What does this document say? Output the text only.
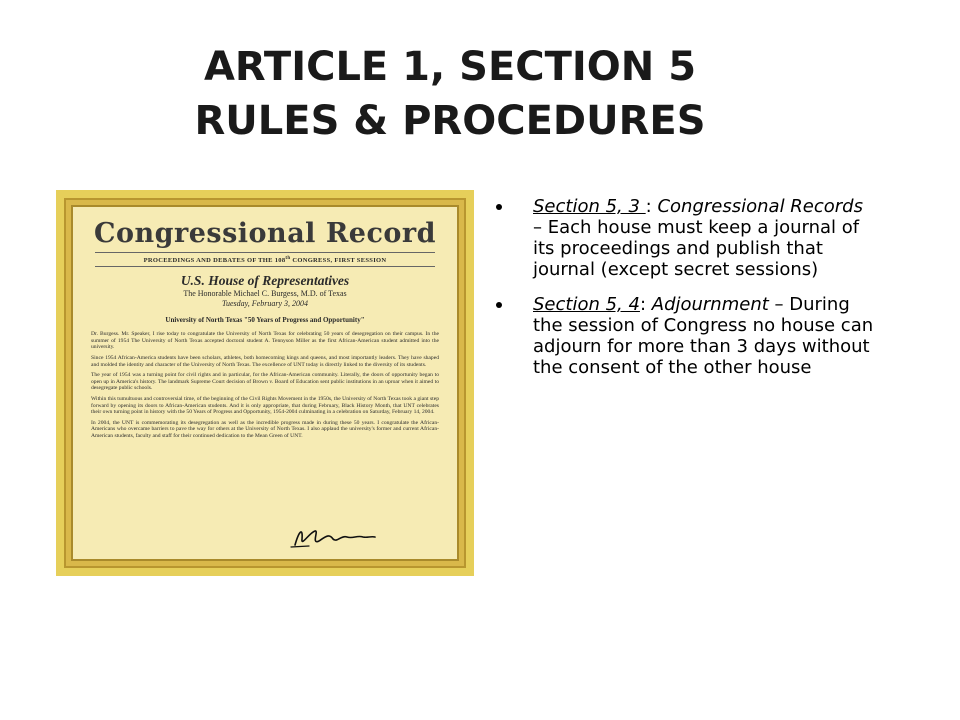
ARTICLE 1, SECTION 5
RULES & PROCEDURES
Congressional Record
PROCEEDINGS AND DEBATES OF THE 108th CONGRESS, FIRST SESSION
U.S. House of Representatives
The Honorable Michael C. Burgess, M.D. of Texas
Tuesday, February 3, 2004
University of North Texas "50 Years of Progress and Opportunity"

Dr. Burgess. Mr. Speaker, I rise today to congratulate the University of North Texas for celebrating 50 years of desegregation on their campus. In the summer of 1954 The University of North Texas accepted doctoral student A. Tennyson Miller as the first African-American student admitted into the university.

Since 1954 African-America students have been scholars, athletes, both homecoming kings and queens, and most importantly leaders. They have shaped and molded the identity and character of the University of North Texas. The excellence of UNT today is directly linked to the diversity of its students.

The year of 1954 was a turning point for civil rights and in particular, for the African-American community. Literally, the doors of opportunity began to open up in America's history. The landmark Supreme Court decision of Brown v. Board of Education sent public institutions in an uproar when it aimed to desegregate public schools.

Within this tumultuous and controversial time, of the beginning of the Civil Rights Movement in the 1950s, the University of North Texas took a giant step forward by opening its doors to African-American students. And it is only appropriate, that during February, Black History Month, that UNT celebrates their own turning point in history with the 50 Years of Progress and Opportunity, 1954-2004 culminating in a celebration on Saturday, February 14, 2004.

In 2004, the UNT is commemorating its desegregation as well as the incredible progress made in during these 50 years. I congratulate the African-Americans who overcame barriers to pave the way for others at the University of North Texas. I also applaud the university's former and current African-American students, faculty and staff for their continued dedication to the Mean Green of UNT.

Section 5, 3 : Congressional Records – Each house must keep a journal of its proceedings and publish that journal (except secret sessions)
Section 5, 4: Adjournment – During the session of Congress no house can adjourn for more than 3 days without the consent of the other house
